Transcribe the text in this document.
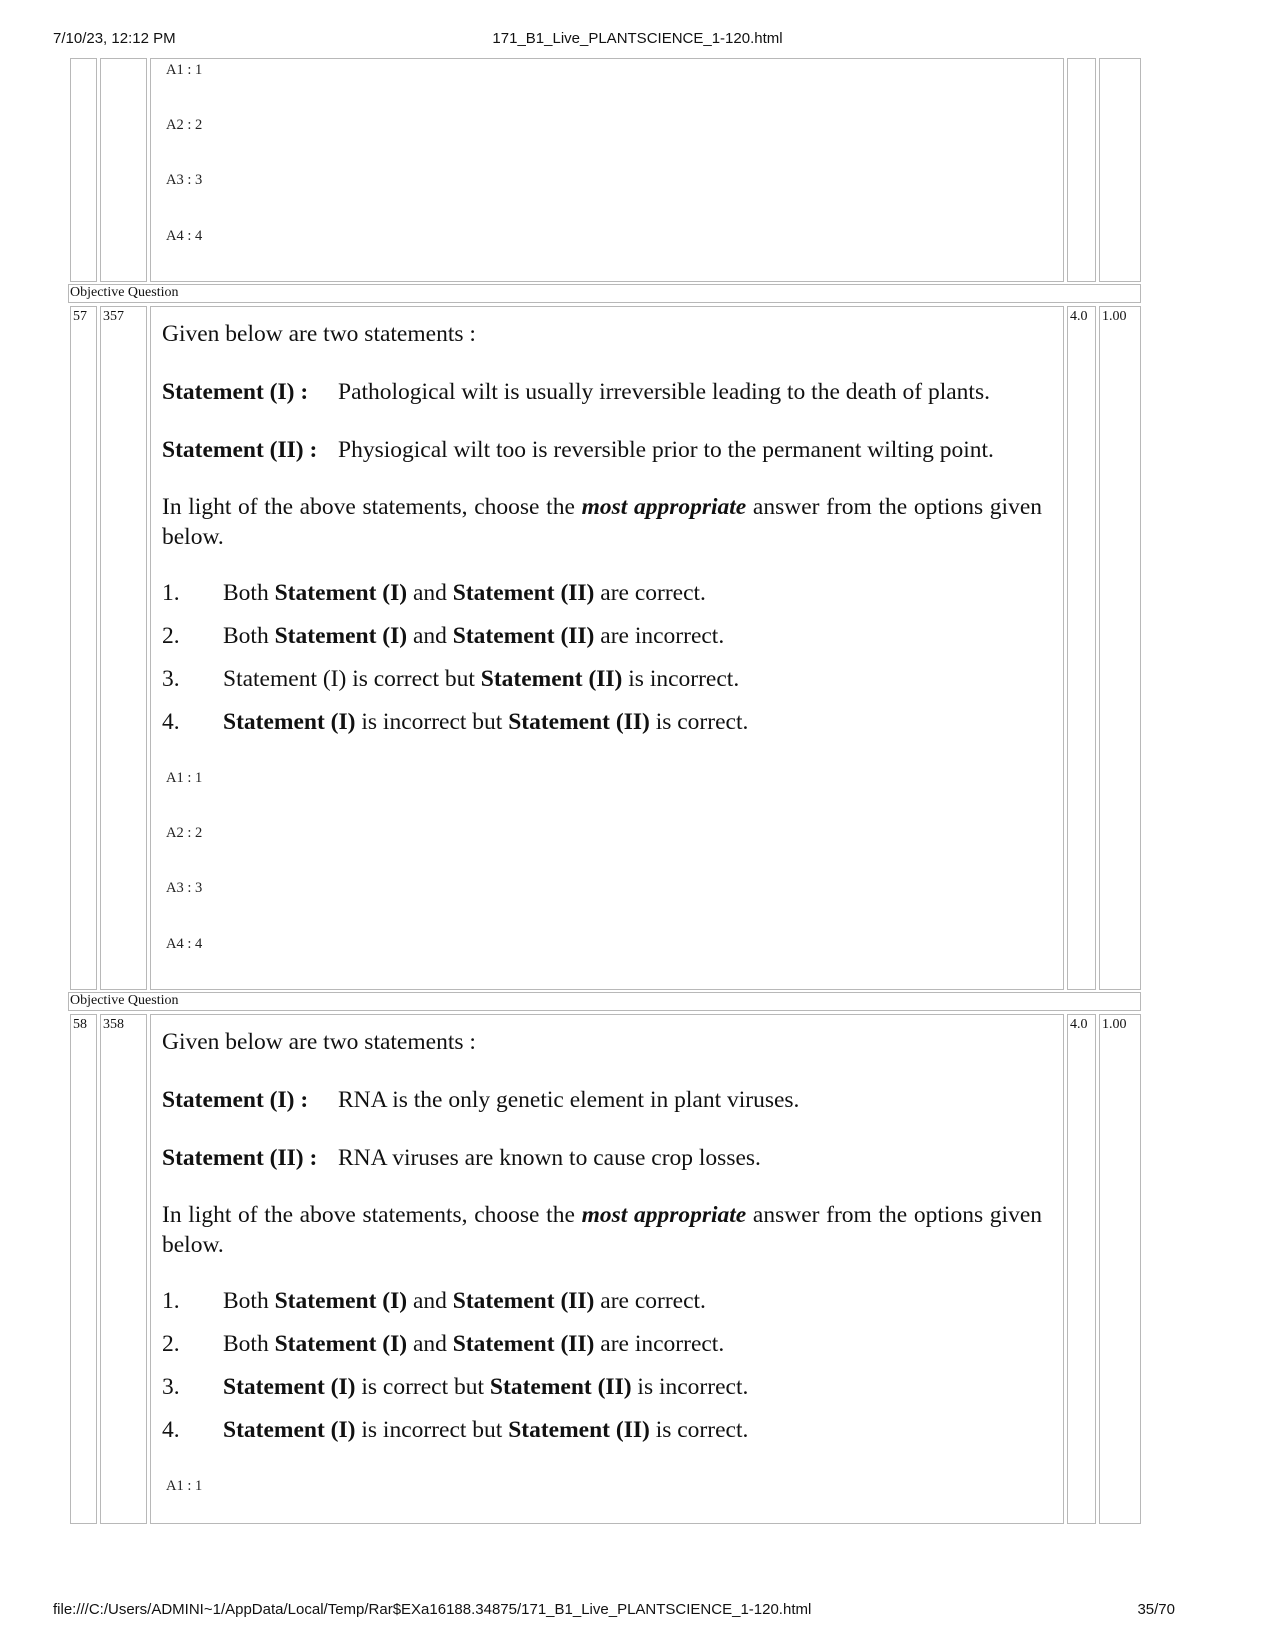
7/10/23, 12:12 PM	171_B1_Live_PLANTSCIENCE_1-120.html
A1 : 1
A2 : 2
A3 : 3
A4 : 4
Objective Question
57	357	4.0	1.00

Given below are two statements :

Statement (I) :	Pathological wilt is usually irreversible leading to the death of plants.
Statement (II) : Physiogical wilt too is reversible prior to the permanent wilting point.

In light of the above statements, choose the most appropriate answer from the options given below.

1.	Both Statement (I) and Statement (II) are correct.
2.	Both Statement (I) and Statement (II) are incorrect.
3.	Statement (I) is correct but Statement (II) is incorrect.
4.	Statement (I) is incorrect but Statement (II) is correct.
A1 : 1
A2 : 2
A3 : 3
A4 : 4
Objective Question
58	358	4.0	1.00

Given below are two statements :

Statement (I) :	RNA is the only genetic element in plant viruses.
Statement (II) : RNA viruses are known to cause crop losses.

In light of the above statements, choose the most appropriate answer from the options given below.

1.	Both Statement (I) and Statement (II) are correct.
2.	Both Statement (I) and Statement (II) are incorrect.
3.	Statement (I) is correct but Statement (II) is incorrect.
4.	Statement (I) is incorrect but Statement (II) is correct.
A1 : 1
file:///C:/Users/ADMINI~1/AppData/Local/Temp/Rar$EXa16188.34875/171_B1_Live_PLANTSCIENCE_1-120.html	35/70
